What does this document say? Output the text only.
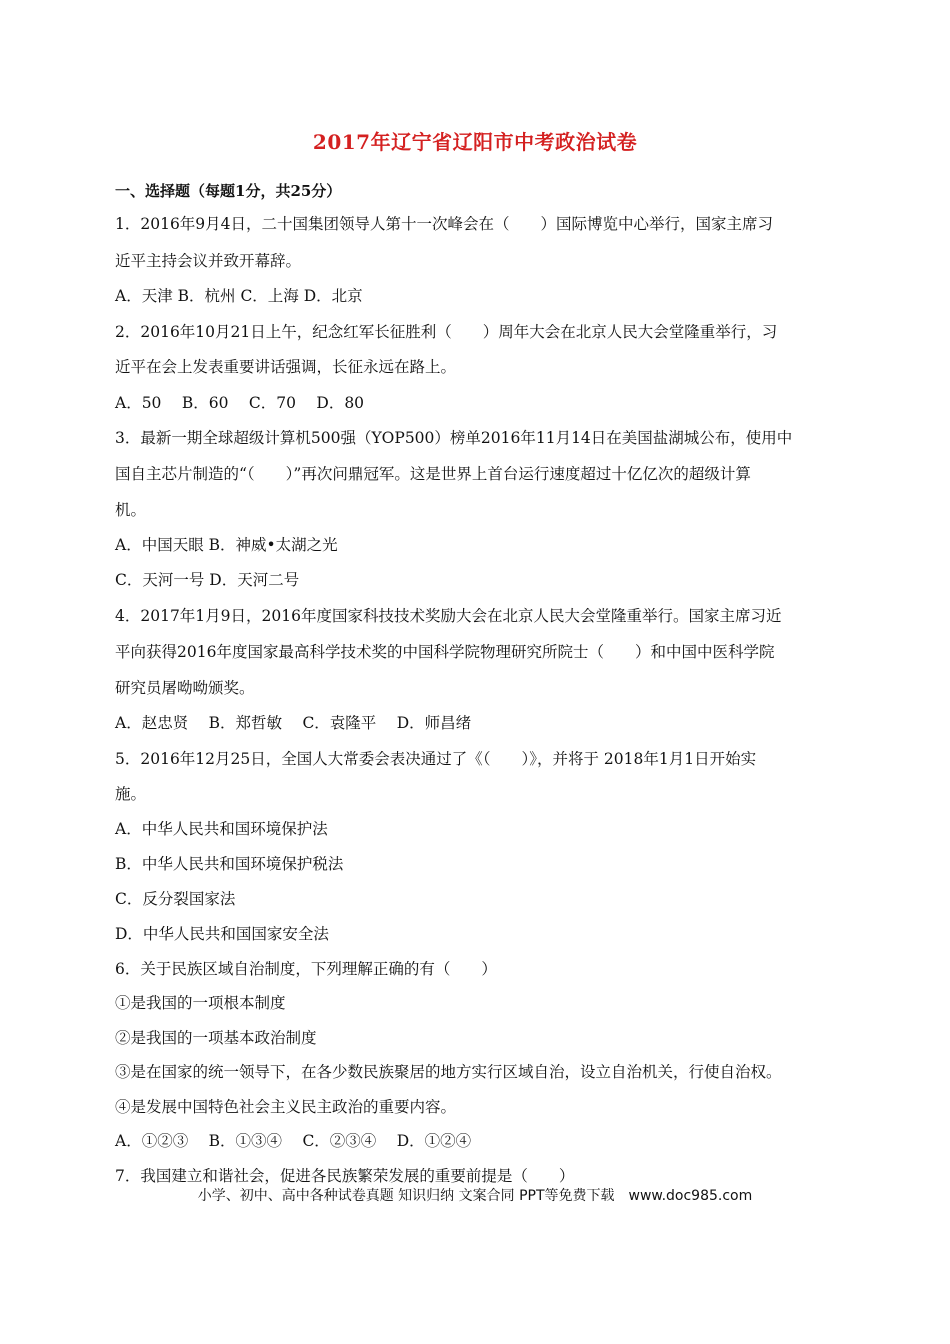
2017年辽宁省辽阳市中考政治试卷
一、选择题（每题1分，共25分）
1．2016年9月4日，二十国集团领导人第十一次峰会在（　　）国际博览中心举行，国家主席习
近平主持会议并致开幕辞。
A．天津 B．杭州 C．上海 D．北京
2．2016年10月21日上午，纪念红军长征胜利（　　）周年大会在北京人民大会堂隆重举行，习
近平在会上发表重要讲话强调，长征永远在路上。
A．50　 B．60　 C．70　 D．80
3．最新一期全球超级计算机500强（YOP500）榜单2016年11月14日在美国盐湖城公布，使用中
国自主芯片制造的“（　　）”再次问鼎冠军。这是世界上首台运行速度超过十亿亿次的超级计算
机。
A．中国天眼 B．神威•太湖之光
C．天河一号 D．天河二号
4．2017年1月9日，2016年度国家科技技术奖励大会在北京人民大会堂隆重举行。国家主席习近
平向获得2016年度国家最高科学技术奖的中国科学院物理研究所院士（　　）和中国中医科学院
研究员屠呦呦颁奖。
A．赵忠贤　 B．郑哲敏　 C．袁隆平　 D．师昌绪
5．2016年12月25日，全国人大常委会表决通过了《（　　）》，并将于 2018年1月1日开始实
施。
A．中华人民共和国环境保护法
B．中华人民共和国环境保护税法
C．反分裂国家法
D．中华人民共和国国家安全法
6．关于民族区域自治制度，下列理解正确的有（　　）
①是我国的一项根本制度
②是我国的一项基本政治制度
③是在国家的统一领导下，在各少数民族聚居的地方实行区域自治，设立自治机关，行使自治权。
④是发展中国特色社会主义民主政治的重要内容。
A．①②③　 B．①③④　 C．②③④　 D．①②④
7．我国建立和谐社会，促进各民族繁荣发展的重要前提是（　　）
小学、初中、高中各种试卷真题 知识归纳 文案合同 PPT等免费下载　www.doc985.com
